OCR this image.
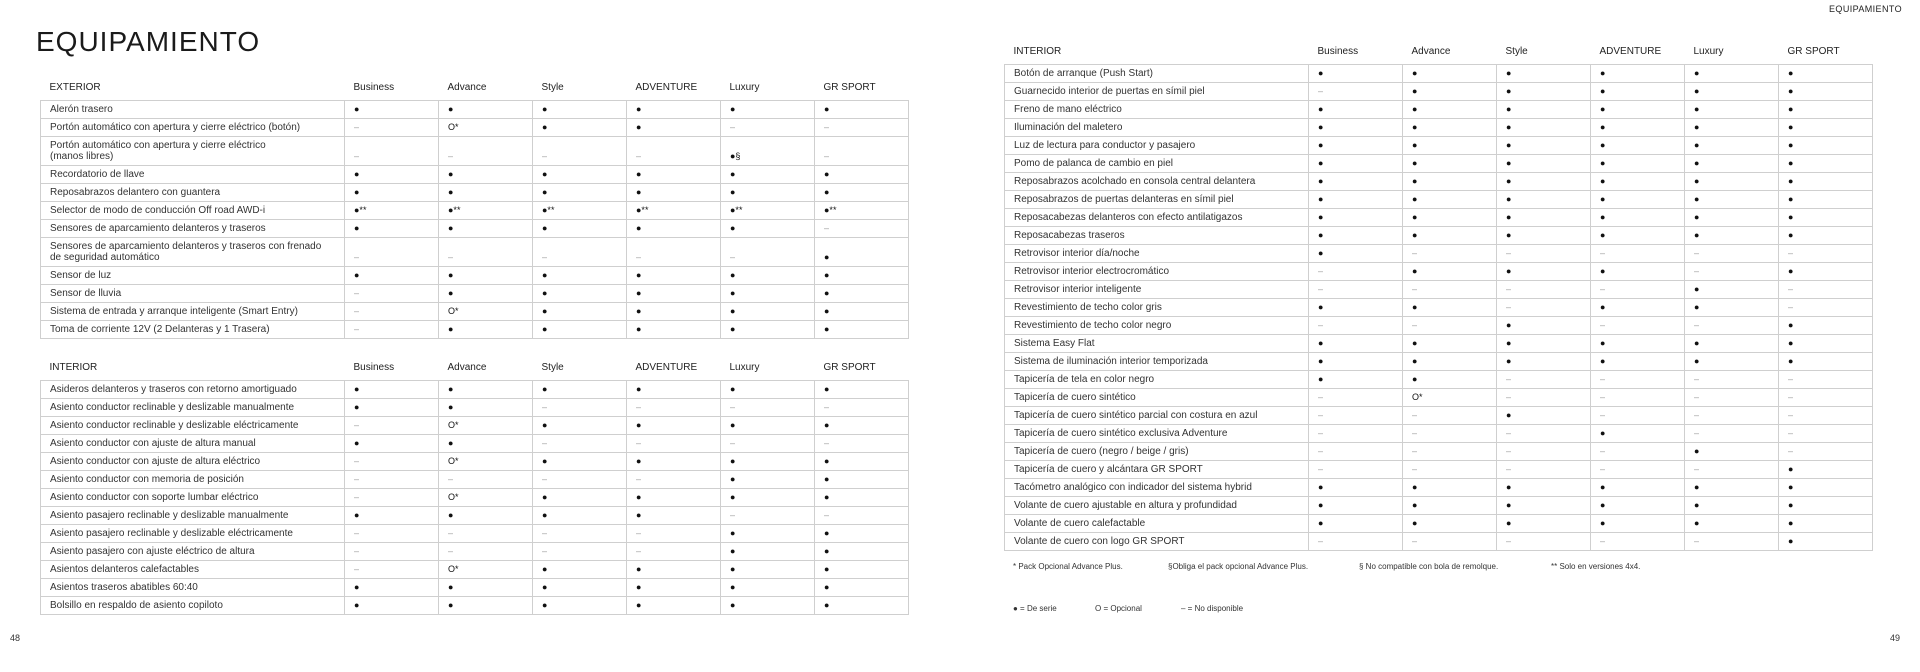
EQUIPAMIENTO
EQUIPAMIENTO
EXTERIOR	Business	Advance	Style	ADVENTURE	Luxury	GR SPORT
Alerón trasero	●	●	●	●	●	●
Portón automático con apertura y cierre eléctrico (botón)	–	O*	●	●	–	–
Portón automático con apertura y cierre eléctrico
(manos libres)	–	–	–	–	●§	–
Recordatorio de llave	●	●	●	●	●	●
Reposabrazos delantero con guantera	●	●	●	●	●	●
Selector de modo de conducción Off road AWD-i	●**	●**	●**	●**	●**	●**
Sensores de aparcamiento delanteros y traseros	●	●	●	●	●	–
Sensores de aparcamiento delanteros y traseros con frenado
de seguridad automático	–	–	–	–	–	●
Sensor de luz	●	●	●	●	●	●
Sensor de lluvia	–	●	●	●	●	●
Sistema de entrada y arranque inteligente (Smart Entry)	–	O*	●	●	●	●
Toma de corriente 12V (2 Delanteras y 1 Trasera)	–	●	●	●	●	●
INTERIOR	Business	Advance	Style	ADVENTURE	Luxury	GR SPORT
Asideros delanteros y traseros con retorno amortiguado	●	●	●	●	●	●
Asiento conductor reclinable y deslizable manualmente	●	●	–	–	–	–
Asiento conductor reclinable y deslizable eléctricamente	–	O*	●	●	●	●
Asiento conductor con ajuste de altura manual	●	●	–	–	–	–
Asiento conductor con ajuste de altura eléctrico	–	O*	●	●	●	●
Asiento conductor con memoria de posición	–	–	–	–	●	●
Asiento conductor con soporte lumbar eléctrico	–	O*	●	●	●	●
Asiento pasajero reclinable y deslizable manualmente	●	●	●	●	–	–
Asiento pasajero reclinable y deslizable eléctricamente	–	–	–	–	●	●
Asiento pasajero con ajuste eléctrico de altura	–	–	–	–	●	●
Asientos delanteros calefactables	–	O*	●	●	●	●
Asientos traseros abatibles 60:40	●	●	●	●	●	●
Bolsillo en respaldo de asiento copiloto	●	●	●	●	●	●
INTERIOR	Business	Advance	Style	ADVENTURE	Luxury	GR SPORT
Botón de arranque (Push Start)	●	●	●	●	●	●
Guarnecido interior de puertas en símil piel	–	●	●	●	●	●
Freno de mano eléctrico	●	●	●	●	●	●
Iluminación del maletero	●	●	●	●	●	●
Luz de lectura para conductor y pasajero	●	●	●	●	●	●
Pomo de palanca de cambio en piel	●	●	●	●	●	●
Reposabrazos acolchado en consola central delantera	●	●	●	●	●	●
Reposabrazos de puertas delanteras en símil piel	●	●	●	●	●	●
Reposacabezas delanteros con efecto antilatigazos	●	●	●	●	●	●
Reposacabezas traseros	●	●	●	●	●	●
Retrovisor interior día/noche	●	–	–	–	–	–
Retrovisor interior electrocromático	–	●	●	●	–	●
Retrovisor interior inteligente	–	–	–	–	●	–
Revestimiento de techo color gris	●	●	–	●	●	–
Revestimiento de techo color negro	–	–	●	–	–	●
Sistema Easy Flat	●	●	●	●	●	●
Sistema de iluminación interior temporizada	●	●	●	●	●	●
Tapicería de tela en color negro	●	●	–	–	–	–
Tapicería de cuero sintético	–	O*	–	–	–	–
Tapicería de cuero sintético parcial con costura en azul	–	–	●	–	–	–
Tapicería de cuero sintético exclusiva Adventure	–	–	–	●	–	–
Tapicería de cuero (negro / beige / gris)	–	–	–	–	●	–
Tapicería de cuero y alcántara GR SPORT	–	–	–	–	–	●
Tacómetro analógico con indicador del sistema hybrid	●	●	●	●	●	●
Volante de cuero ajustable en altura y profundidad	●	●	●	●	●	●
Volante de cuero calefactable	●	●	●	●	●	●
Volante de cuero con logo GR SPORT	–	–	–	–	–	●
* Pack Opcional Advance Plus.	§Obliga el pack opcional Advance Plus.	§ No compatible con bola de remolque.	** Solo en versiones 4x4.
● = De serie	O = Opcional	– = No disponible
48	49
